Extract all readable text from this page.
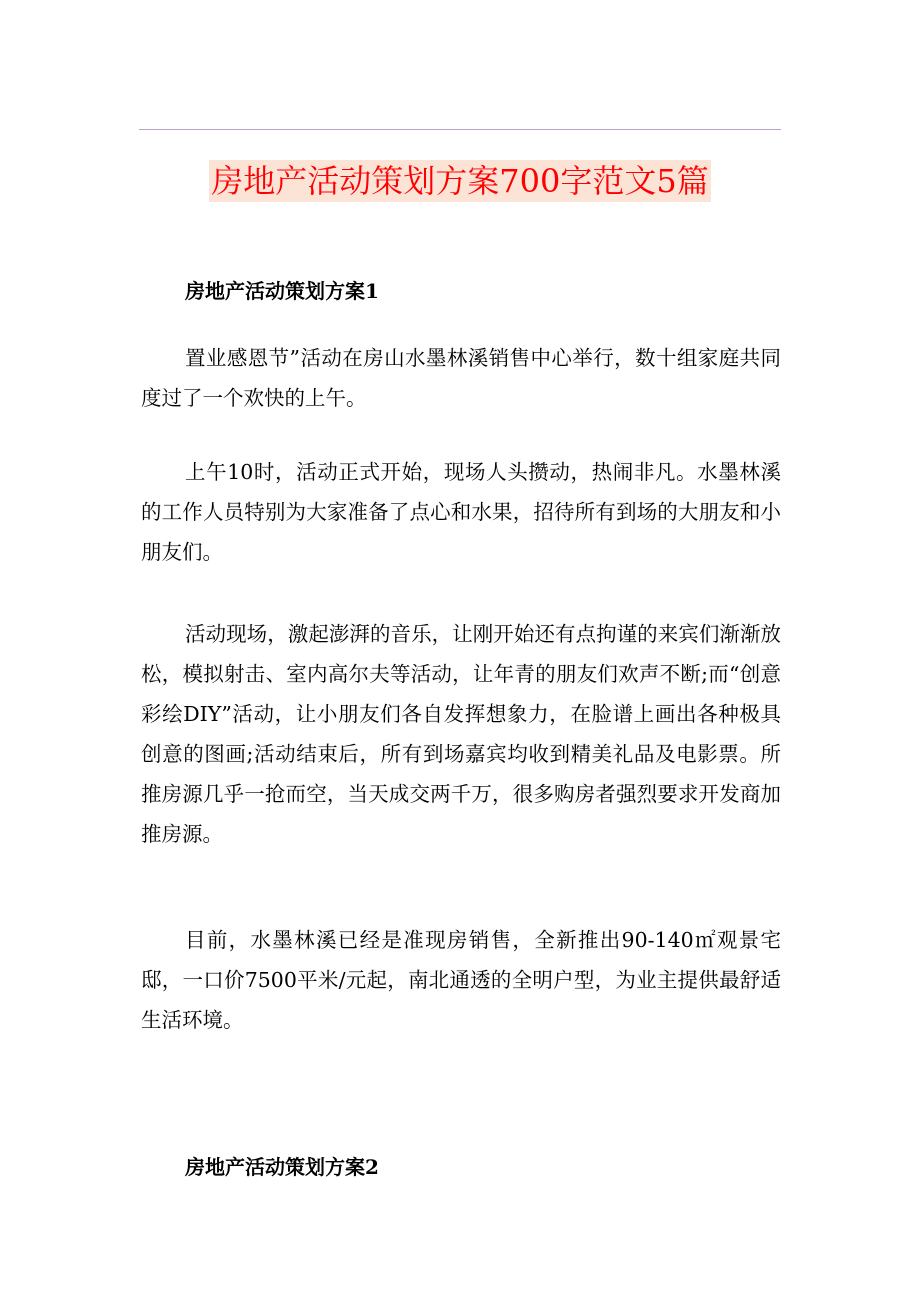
房地产活动策划方案700字范文5篇
房地产活动策划方案1
置业感恩节”活动在房山水墨林溪销售中心举行，数十组家庭共同度过了一个欢快的上午。
上午10时，活动正式开始，现场人头攒动，热闹非凡。水墨林溪的工作人员特别为大家准备了点心和水果，招待所有到场的大朋友和小朋友们。
活动现场，激起澎湃的音乐，让刚开始还有点拘谨的来宾们渐渐放松，模拟射击、室内高尔夫等活动，让年青的朋友们欢声不断;而“创意彩绘DIY”活动，让小朋友们各自发挥想象力，在脸谱上画出各种极具创意的图画;活动结束后，所有到场嘉宾均收到精美礼品及电影票。所推房源几乎一抢而空，当天成交两千万，很多购房者强烈要求开发商加推房源。
目前，水墨林溪已经是准现房销售，全新推出90-140㎡观景宅邸，一口价7500平米/元起，南北通透的全明户型，为业主提供最舒适生活环境。
房地产活动策划方案2
